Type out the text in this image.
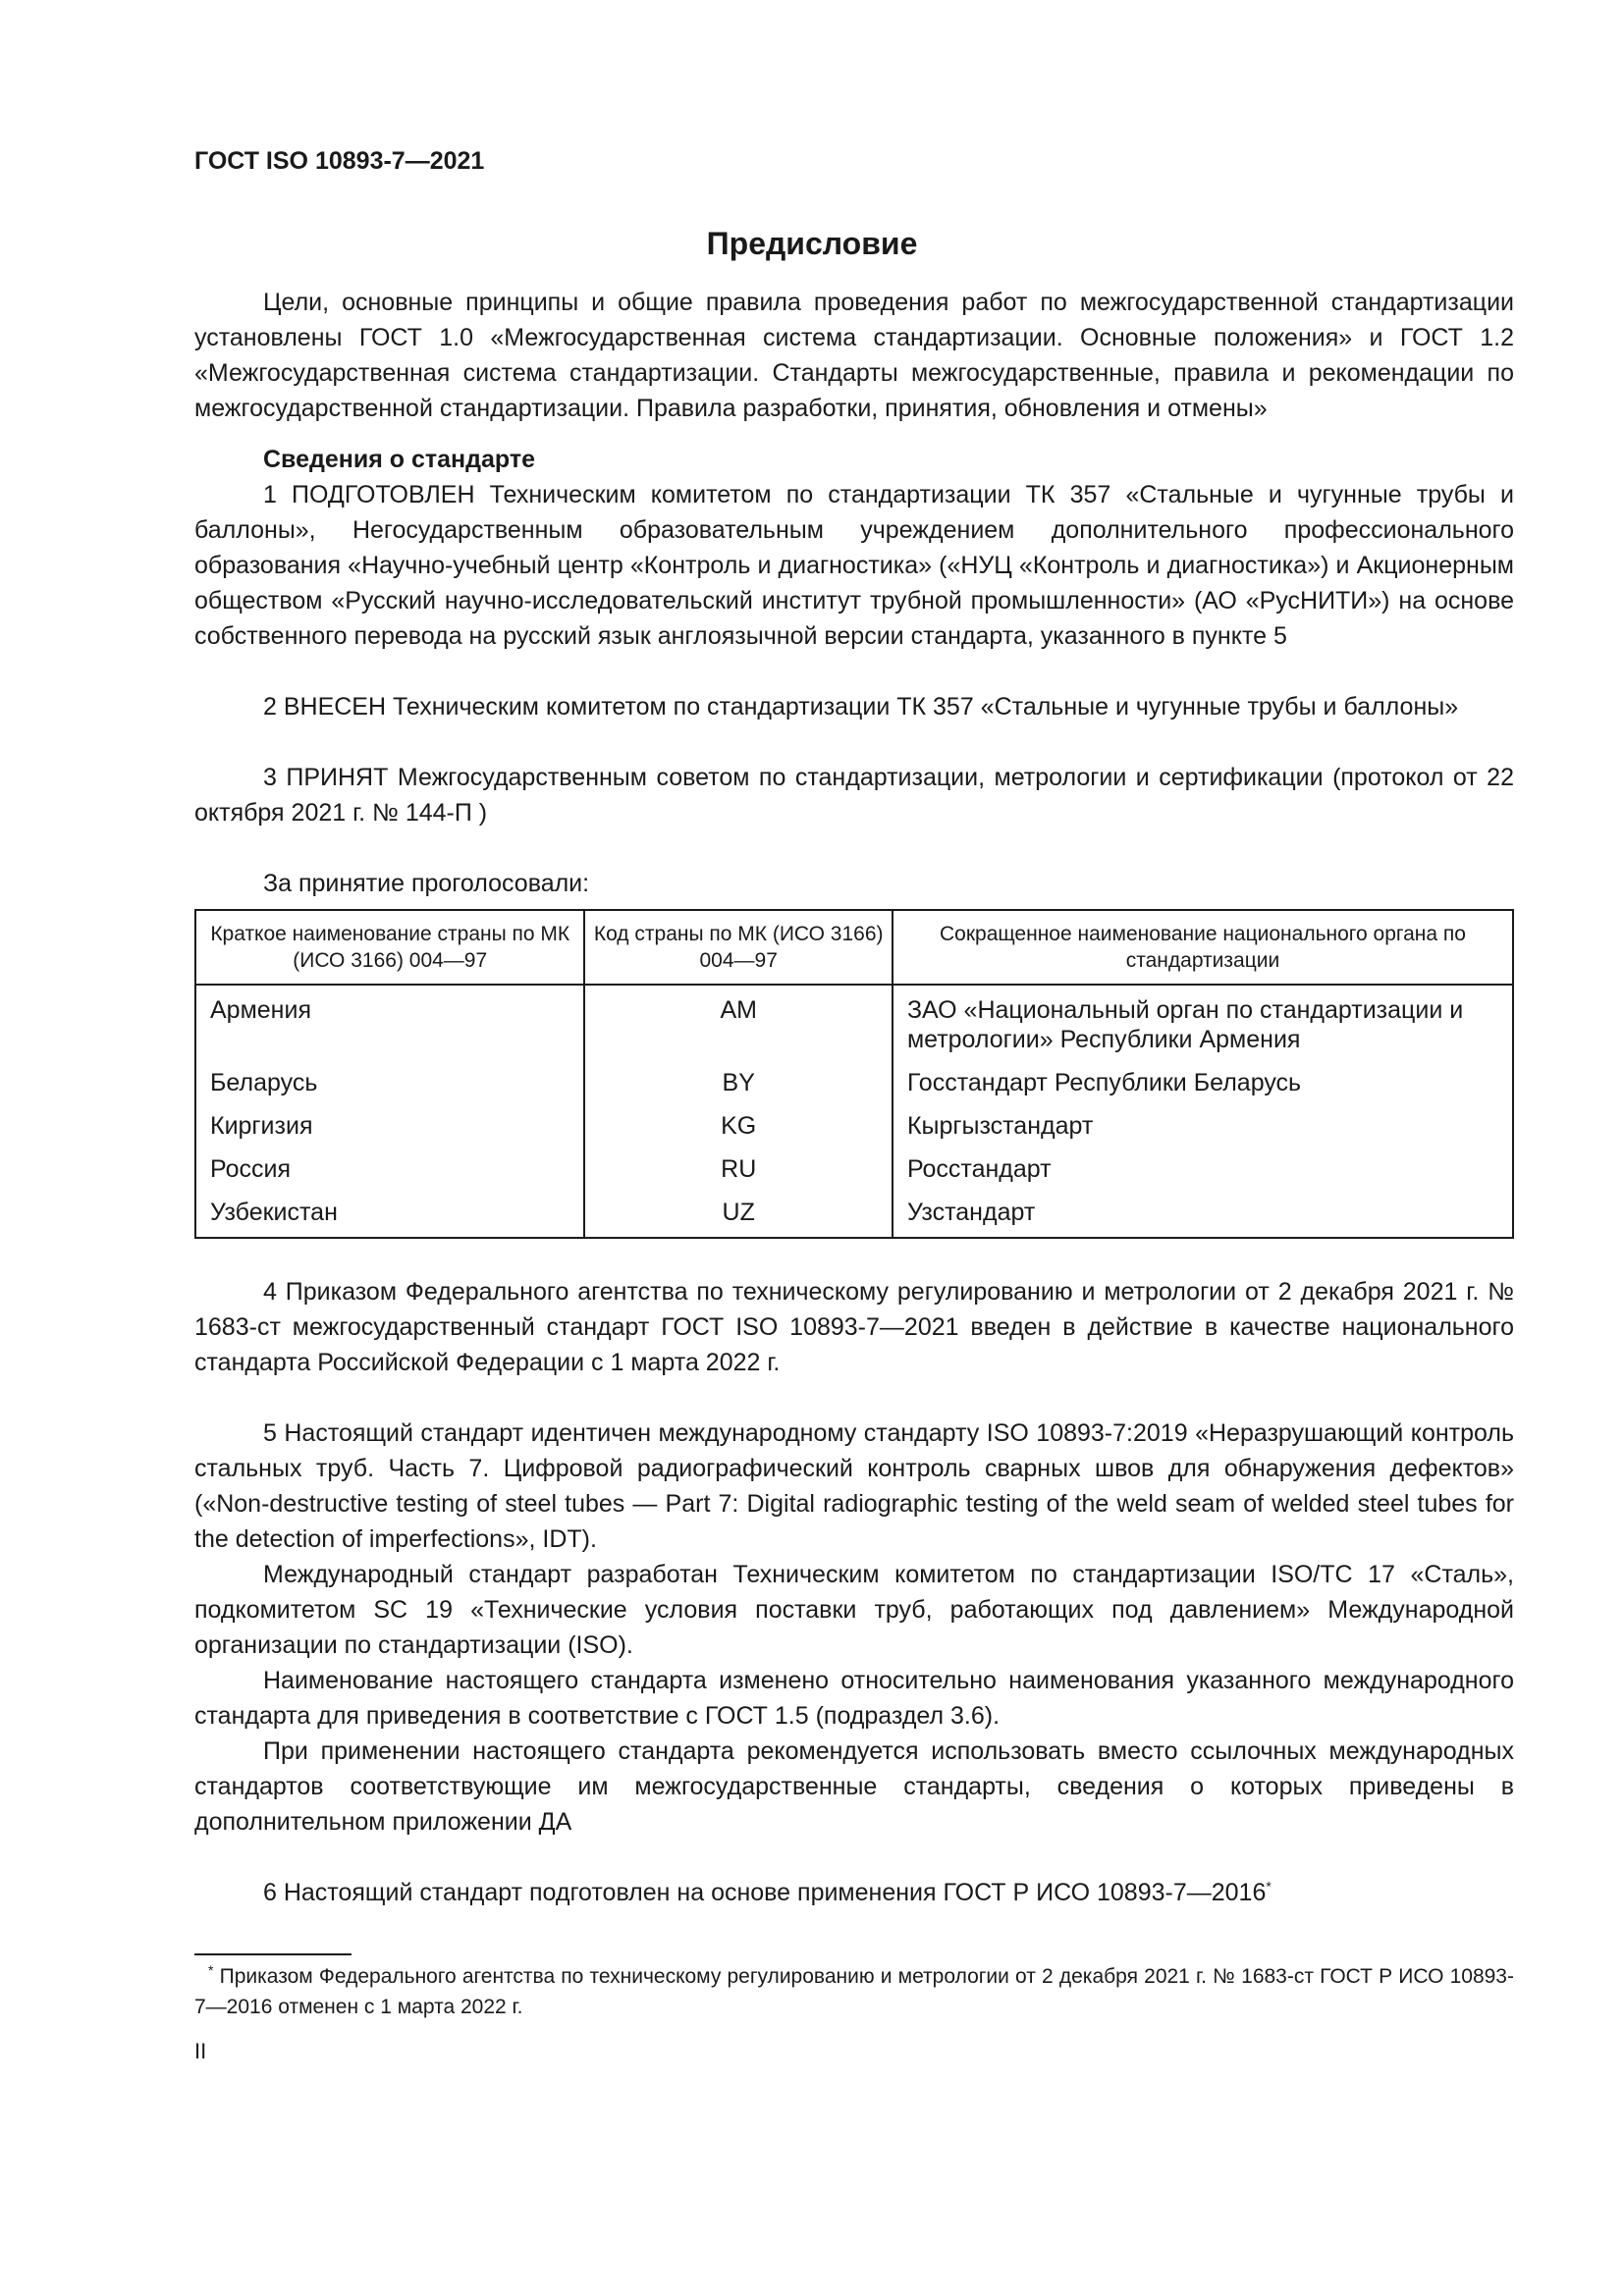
ГОСТ ISO 10893-7—2021
Предисловие

Цели, основные принципы и общие правила проведения работ по межгосударственной стандартизации установлены ГОСТ 1.0 «Межгосударственная система стандартизации. Основные положения» и ГОСТ 1.2 «Межгосударственная система стандартизации. Стандарты межгосударственные, правила и рекомендации по межгосударственной стандартизации. Правила разработки, принятия, обновления и отмены»

Сведения о стандарте

1 ПОДГОТОВЛЕН Техническим комитетом по стандартизации ТК 357 «Стальные и чугунные трубы и баллоны», Негосударственным образовательным учреждением дополнительного профессионального образования «Научно-учебный центр «Контроль и диагностика» («НУЦ «Контроль и диагностика») и Акционерным обществом «Русский научно-исследовательский институт трубной промышленности» (АО «РусНИТИ») на основе собственного перевода на русский язык англоязычной версии стандарта, указанного в пункте 5

2 ВНЕСЕН Техническим комитетом по стандартизации ТК 357 «Стальные и чугунные трубы и баллоны»

3 ПРИНЯТ Межгосударственным советом по стандартизации, метрологии и сертификации (протокол от 22 октября 2021 г. № 144-П )

За принятие проголосовали:

Краткое наименование страны по МК (ИСО 3166) 004—97	Код страны по МК (ИСО 3166) 004—97	Сокращенное наименование национального органа по стандартизации
Армения	AM	ЗАО «Национальный орган по стандартизации и метрологии» Республики Армения
Беларусь	BY	Госстандарт Республики Беларусь
Киргизия	KG	Кыргызстандарт
Россия	RU	Росстандарт
Узбекистан	UZ	Узстандарт

4 Приказом Федерального агентства по техническому регулированию и метрологии от 2 декабря 2021 г. № 1683-ст межгосударственный стандарт ГОСТ ISO 10893-7—2021 введен в действие в качестве национального стандарта Российской Федерации с 1 марта 2022 г.

5 Настоящий стандарт идентичен международному стандарту ISO 10893-7:2019 «Неразрушающий контроль стальных труб. Часть 7. Цифровой радиографический контроль сварных швов для обнаружения дефектов» («Non-destructive testing of steel tubes — Part 7: Digital radiographic testing of the weld seam of welded steel tubes for the detection of imperfections», IDT).

Международный стандарт разработан Техническим комитетом по стандартизации ISO/TC 17 «Сталь», подкомитетом SC 19 «Технические условия поставки труб, работающих под давлением» Международной организации по стандартизации (ISO).

Наименование настоящего стандарта изменено относительно наименования указанного международного стандарта для приведения в соответствие с ГОСТ 1.5 (подраздел 3.6).

При применении настоящего стандарта рекомендуется использовать вместо ссылочных международных стандартов соответствующие им межгосударственные стандарты, сведения о которых приведены в дополнительном приложении ДА

6 Настоящий стандарт подготовлен на основе применения ГОСТ Р ИСО 10893-7—2016*

* Приказом Федерального агентства по техническому регулированию и метрологии от 2 декабря 2021 г. № 1683-ст ГОСТ Р ИСО 10893-7—2016 отменен с 1 марта 2022 г.

II
